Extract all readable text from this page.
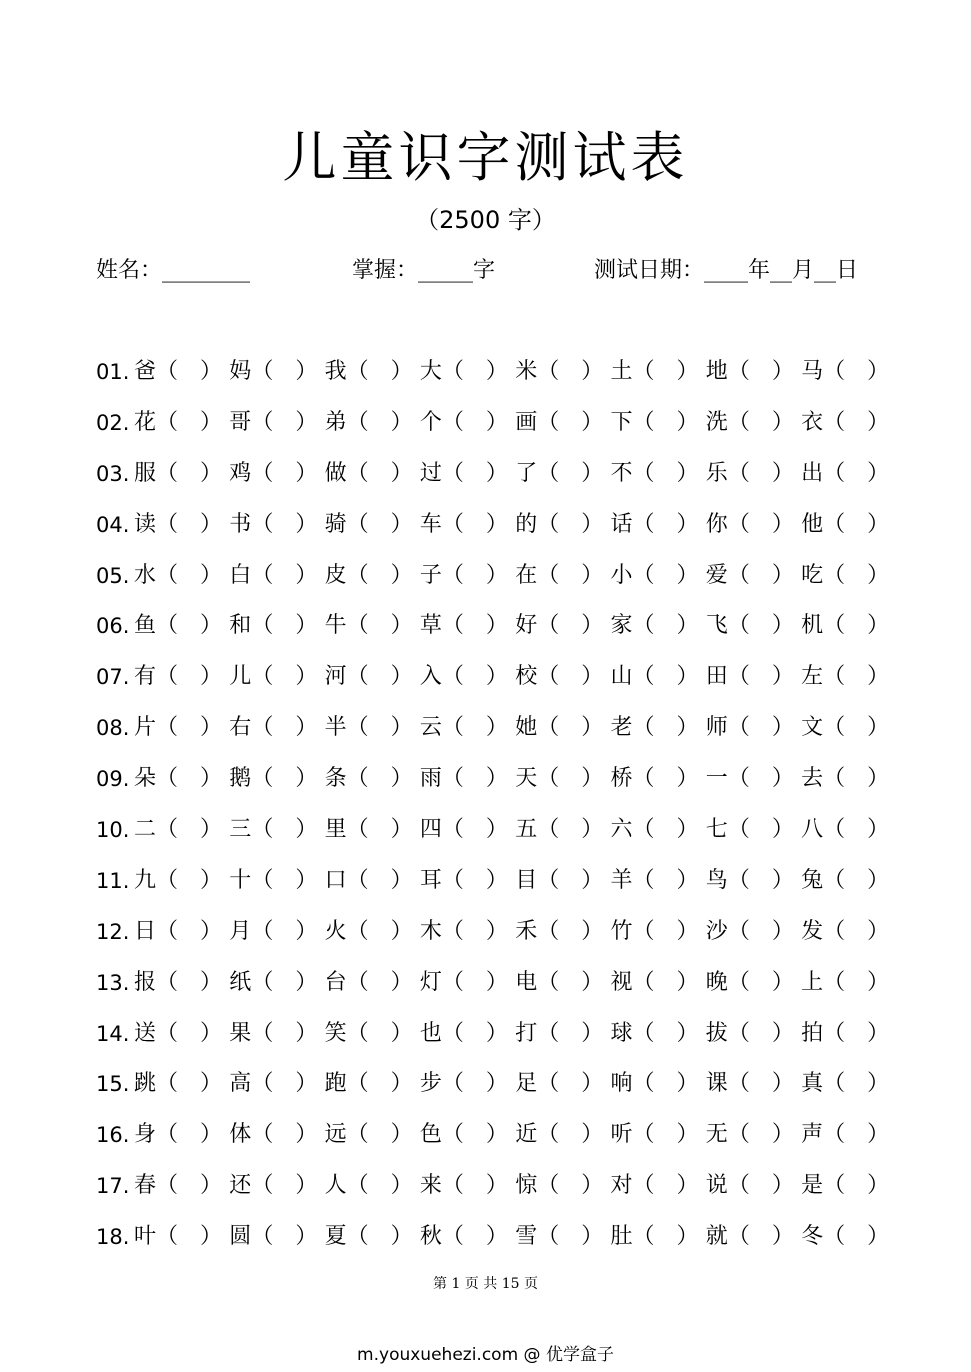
儿童识字测试表
（2500 字）
姓名：________	掌握：_____字	测试日期：____年__月__日
01. 爸（　） 妈（　） 我（　） 大（　） 米（　） 土（　） 地（　） 马（　）
02. 花（　） 哥（　） 弟（　） 个（　） 画（　） 下（　） 洗（　） 衣（　）
03. 服（　） 鸡（　） 做（　） 过（　） 了（　） 不（　） 乐（　） 出（　）
04. 读（　） 书（　） 骑（　） 车（　） 的（　） 话（　） 你（　） 他（　）
05. 水（　） 白（　） 皮（　） 子（　） 在（　） 小（　） 爱（　） 吃（　）
06. 鱼（　） 和（　） 牛（　） 草（　） 好（　） 家（　） 飞（　） 机（　）
07. 有（　） 儿（　） 河（　） 入（　） 校（　） 山（　） 田（　） 左（　）
08. 片（　） 右（　） 半（　） 云（　） 她（　） 老（　） 师（　） 文（　）
09. 朵（　） 鹅（　） 条（　） 雨（　） 天（　） 桥（　） 一（　） 去（　）
10. 二（　） 三（　） 里（　） 四（　） 五（　） 六（　） 七（　） 八（　）
11. 九（　） 十（　） 口（　） 耳（　） 目（　） 羊（　） 鸟（　） 兔（　）
12. 日（　） 月（　） 火（　） 木（　） 禾（　） 竹（　） 沙（　） 发（　）
13. 报（　） 纸（　） 台（　） 灯（　） 电（　） 视（　） 晚（　） 上（　）
14. 送（　） 果（　） 笑（　） 也（　） 打（　） 球（　） 拔（　） 拍（　）
15. 跳（　） 高（　） 跑（　） 步（　） 足（　） 响（　） 课（　） 真（　）
16. 身（　） 体（　） 远（　） 色（　） 近（　） 听（　） 无（　） 声（　）
17. 春（　） 还（　） 人（　） 来（　） 惊（　） 对（　） 说（　） 是（　）
18. 叶（　） 圆（　） 夏（　） 秋（　） 雪（　） 肚（　） 就（　） 冬（　）
第 1 页 共 15 页
m.youxuehezi.com @ 优学盒子
